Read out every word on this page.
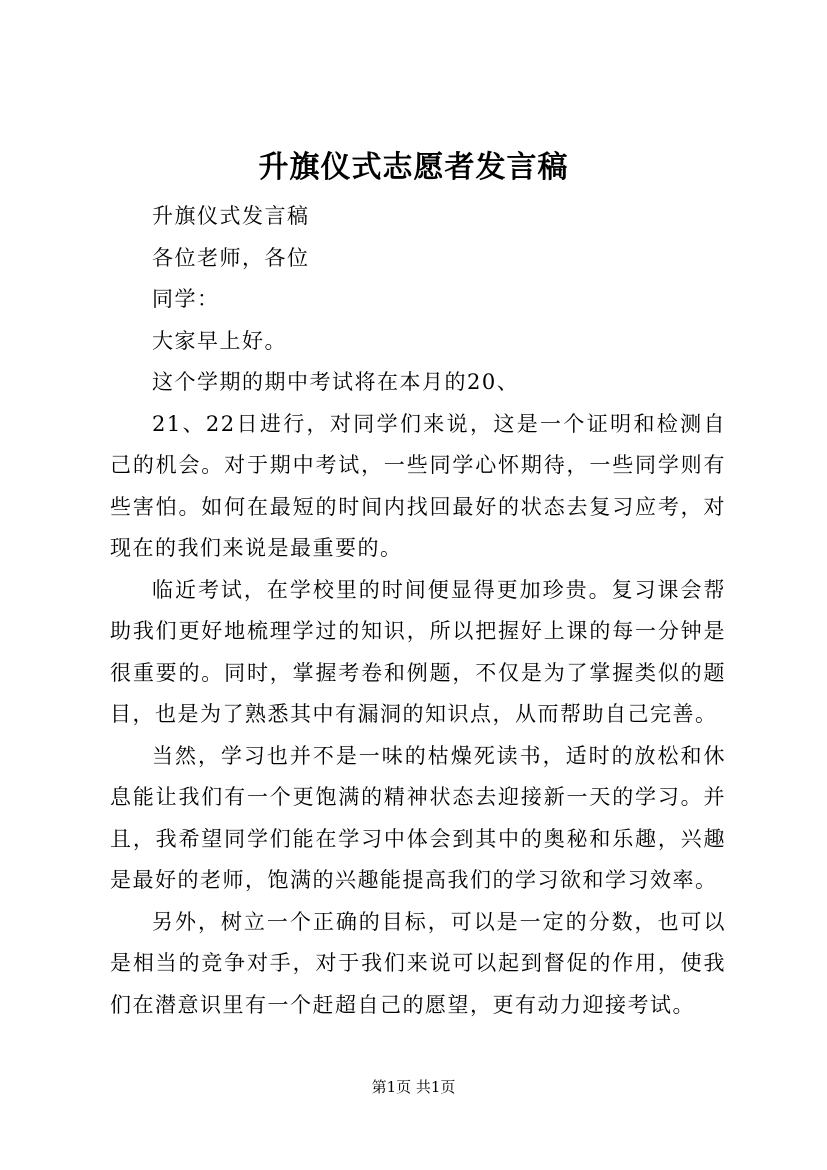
升旗仪式志愿者发言稿

升旗仪式发言稿

各位老师，各位

同学：

大家早上好。

这个学期的期中考试将在本月的20、

21、22日进行，对同学们来说，这是一个证明和检测自己的机会。对于期中考试，一些同学心怀期待，一些同学则有些害怕。如何在最短的时间内找回最好的状态去复习应考，对现在的我们来说是最重要的。

临近考试，在学校里的时间便显得更加珍贵。复习课会帮助我们更好地梳理学过的知识，所以把握好上课的每一分钟是很重要的。同时，掌握考卷和例题，不仅是为了掌握类似的题目，也是为了熟悉其中有漏洞的知识点，从而帮助自己完善。

当然，学习也并不是一味的枯燥死读书，适时的放松和休息能让我们有一个更饱满的精神状态去迎接新一天的学习。并且，我希望同学们能在学习中体会到其中的奥秘和乐趣，兴趣是最好的老师，饱满的兴趣能提高我们的学习欲和学习效率。

另外，树立一个正确的目标，可以是一定的分数，也可以是相当的竞争对手，对于我们来说可以起到督促的作用，使我们在潜意识里有一个赶超自己的愿望，更有动力迎接考试。

第1页 共1页
